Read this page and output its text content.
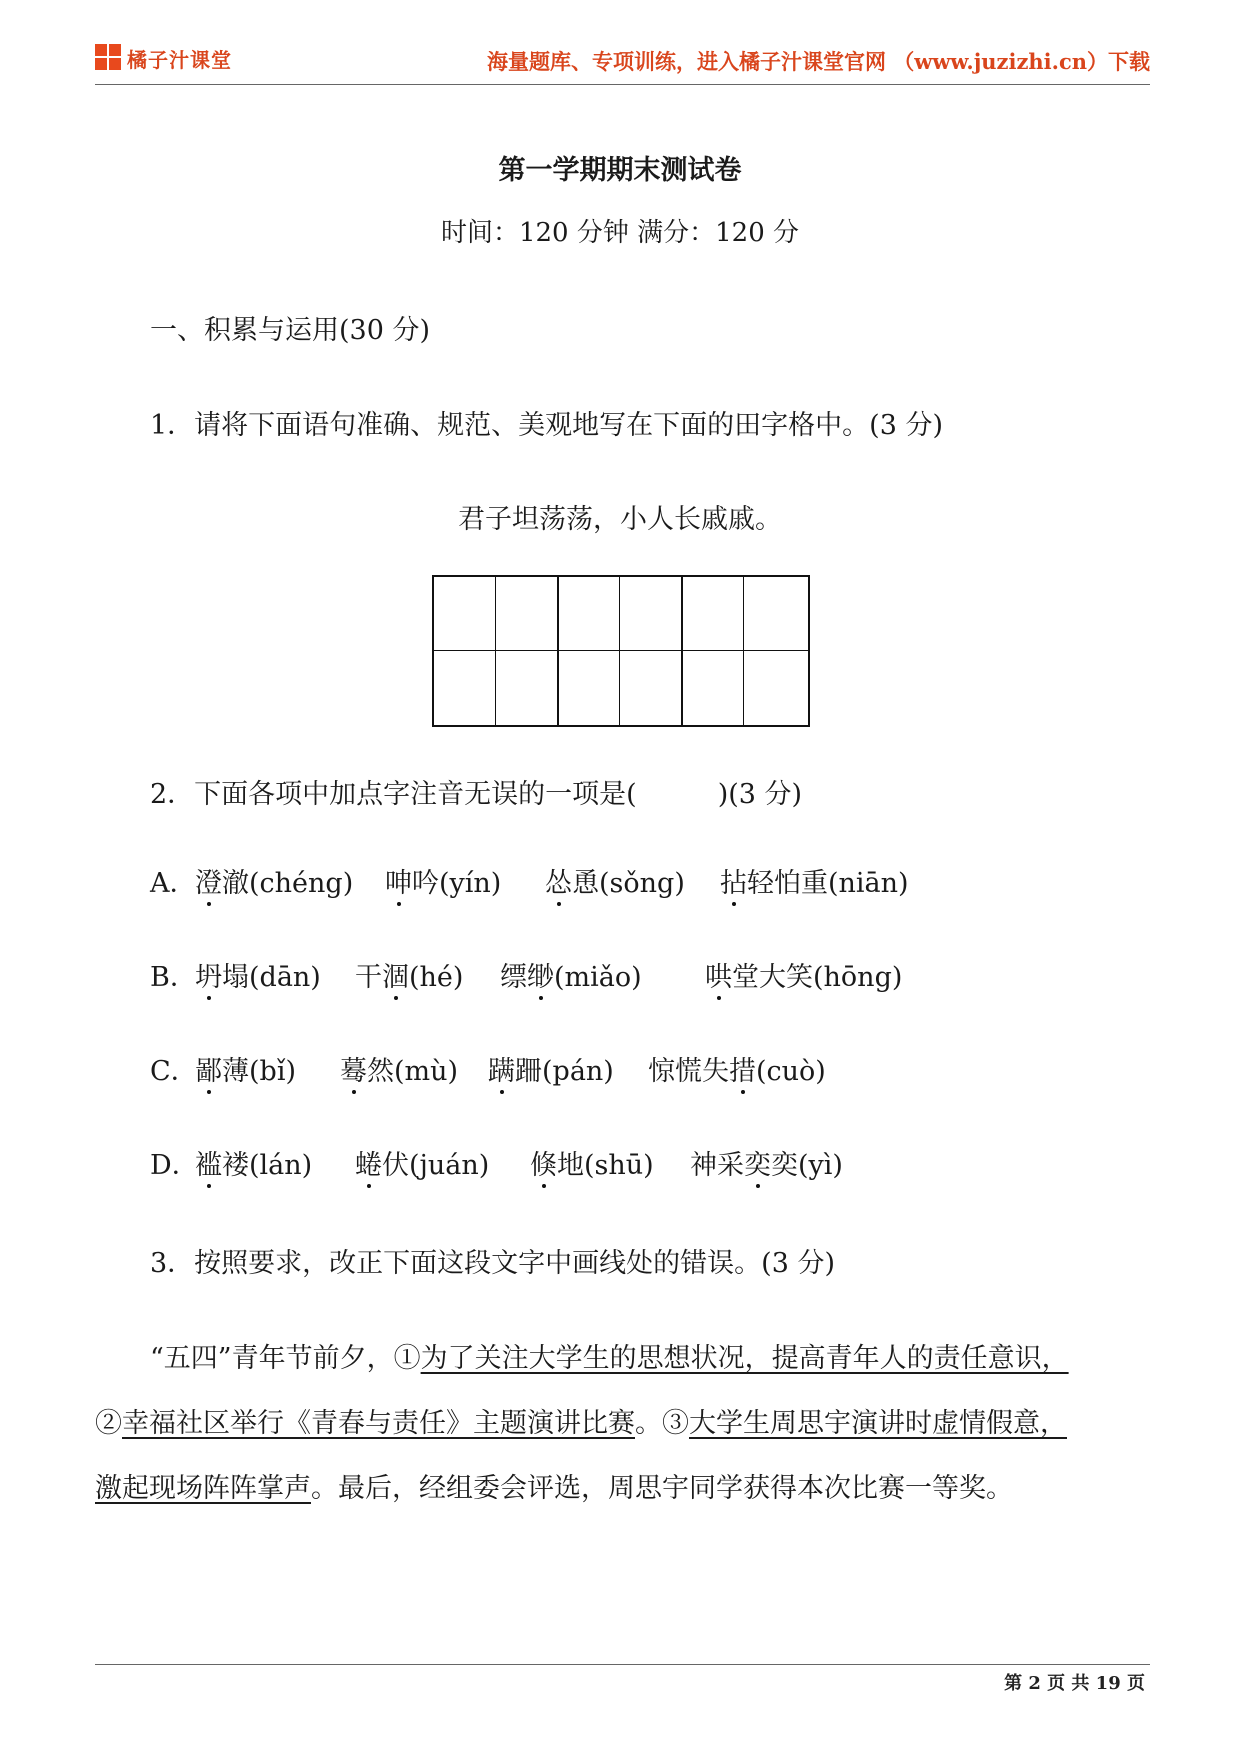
橘子汁课堂	海量题库、专项训练，进入橘子汁课堂官网 （www.juzizhi.cn）下载
第一学期期末测试卷
时间：120 分钟 满分：120 分
一、积累与运用(30 分)
1．请将下面语句准确、规范、美观地写在下面的田字格中。(3 分)
君子坦荡荡，小人长戚戚。
2．下面各项中加点字注音无误的一项是(　　　)(3 分)
A．
澄澈(chéng) 呻吟(yín) 怂恿(sǒng) 拈轻怕重(niān)
B．
坍塌(dān) 干涸(hé) 缥缈(miǎo) 哄堂大笑(hōng)
C．
鄙薄(bǐ) 蓦然(mù) 蹒跚(pán) 惊慌失措(cuò)
D．
褴褛(lán) 蜷伏(juán) 倏地(shū) 神采奕奕(yì)
3．按照要求，改正下面这段文字中画线处的错误。(3 分)
“五四”青年节前夕，①为了关注大学生的思想状况，提高青年人的责任意识，
②幸福社区举行《青春与责任》主题演讲比赛。③大学生周思宇演讲时虚情假意，
激起现场阵阵掌声。最后，经组委会评选，周思宇同学获得本次比赛一等奖。
第 2 页 共 19 页
